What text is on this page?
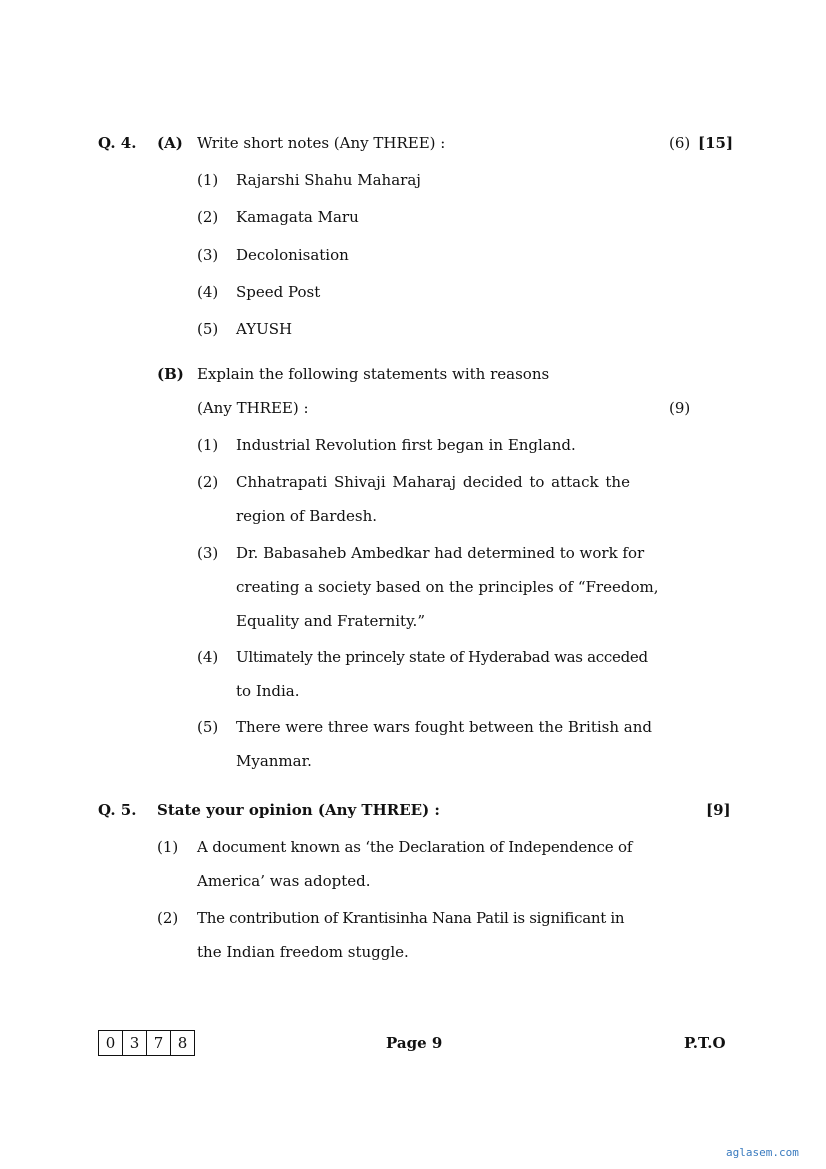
Q. 4. (A) Write short notes (Any THREE) :	(6) [15]
(1) Rajarshi Shahu Maharaj
(2) Kamagata Maru
(3) Decolonisation
(4) Speed Post
(5) AYUSH
(B) Explain the following statements with reasons
(Any THREE) :	(9)
(1) Industrial Revolution first began in England.
(2) Chhatrapati Shivaji Maharaj decided to attack the
region of Bardesh.
(3) Dr. Babasaheb Ambedkar had determined to work for
creating a society based on the principles of “Freedom,
Equality and Fraternity.”
(4) Ultimately the princely state of Hyderabad was acceded
to India.
(5) There were three wars fought between the British and
Myanmar.
Q. 5. State your opinion (Any THREE) :	[9]
(1) A document known as ‘the Declaration of Independence of
America’ was adopted.
(2) The contribution of Krantisinha Nana Patil is significant in
the Indian freedom stuggle.
0 3 7 8	Page 9	P.T.O
aglasem.com
